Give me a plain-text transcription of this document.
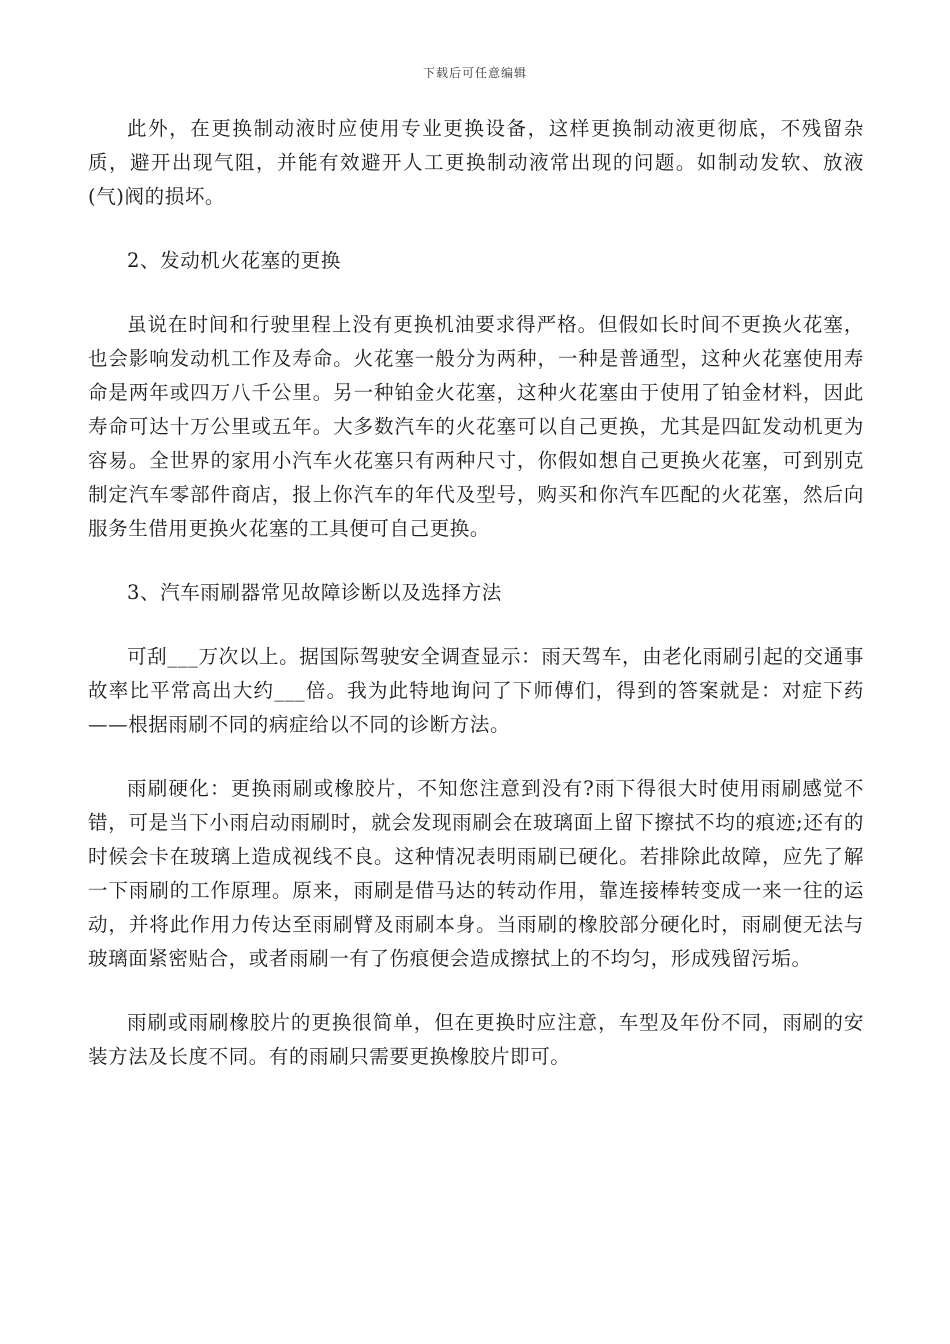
下载后可任意编辑

此外，在更换制动液时应使用专业更换设备，这样更换制动液更彻底，不残留杂质，避开出现气阻，并能有效避开人工更换制动液常出现的问题。如制动发软、放液(气)阀的损坏。

2、发动机火花塞的更换

虽说在时间和行驶里程上没有更换机油要求得严格。但假如长时间不更换火花塞，也会影响发动机工作及寿命。火花塞一般分为两种，一种是普通型，这种火花塞使用寿命是两年或四万八千公里。另一种铂金火花塞，这种火花塞由于使用了铂金材料，因此寿命可达十万公里或五年。大多数汽车的火花塞可以自己更换，尤其是四缸发动机更为容易。全世界的家用小汽车火花塞只有两种尺寸，你假如想自己更换火花塞，可到别克制定汽车零部件商店，报上你汽车的年代及型号，购买和你汽车匹配的火花塞，然后向服务生借用更换火花塞的工具便可自己更换。

3、汽车雨刷器常见故障诊断以及选择方法

可刮___万次以上。据国际驾驶安全调查显示：雨天驾车，由老化雨刷引起的交通事故率比平常高出大约___倍。我为此特地询问了下师傅们，得到的答案就是：对症下药——根据雨刷不同的病症给以不同的诊断方法。

雨刷硬化：更换雨刷或橡胶片，不知您注意到没有?雨下得很大时使用雨刷感觉不错，可是当下小雨启动雨刷时，就会发现雨刷会在玻璃面上留下擦拭不均的痕迹;还有的时候会卡在玻璃上造成视线不良。这种情况表明雨刷已硬化。若排除此故障，应先了解一下雨刷的工作原理。原来，雨刷是借马达的转动作用，靠连接棒转变成一来一往的运动，并将此作用力传达至雨刷臂及雨刷本身。当雨刷的橡胶部分硬化时，雨刷便无法与玻璃面紧密贴合，或者雨刷一有了伤痕便会造成擦拭上的不均匀，形成残留污垢。

雨刷或雨刷橡胶片的更换很简单，但在更换时应注意，车型及年份不同，雨刷的安装方法及长度不同。有的雨刷只需要更换橡胶片即可。
